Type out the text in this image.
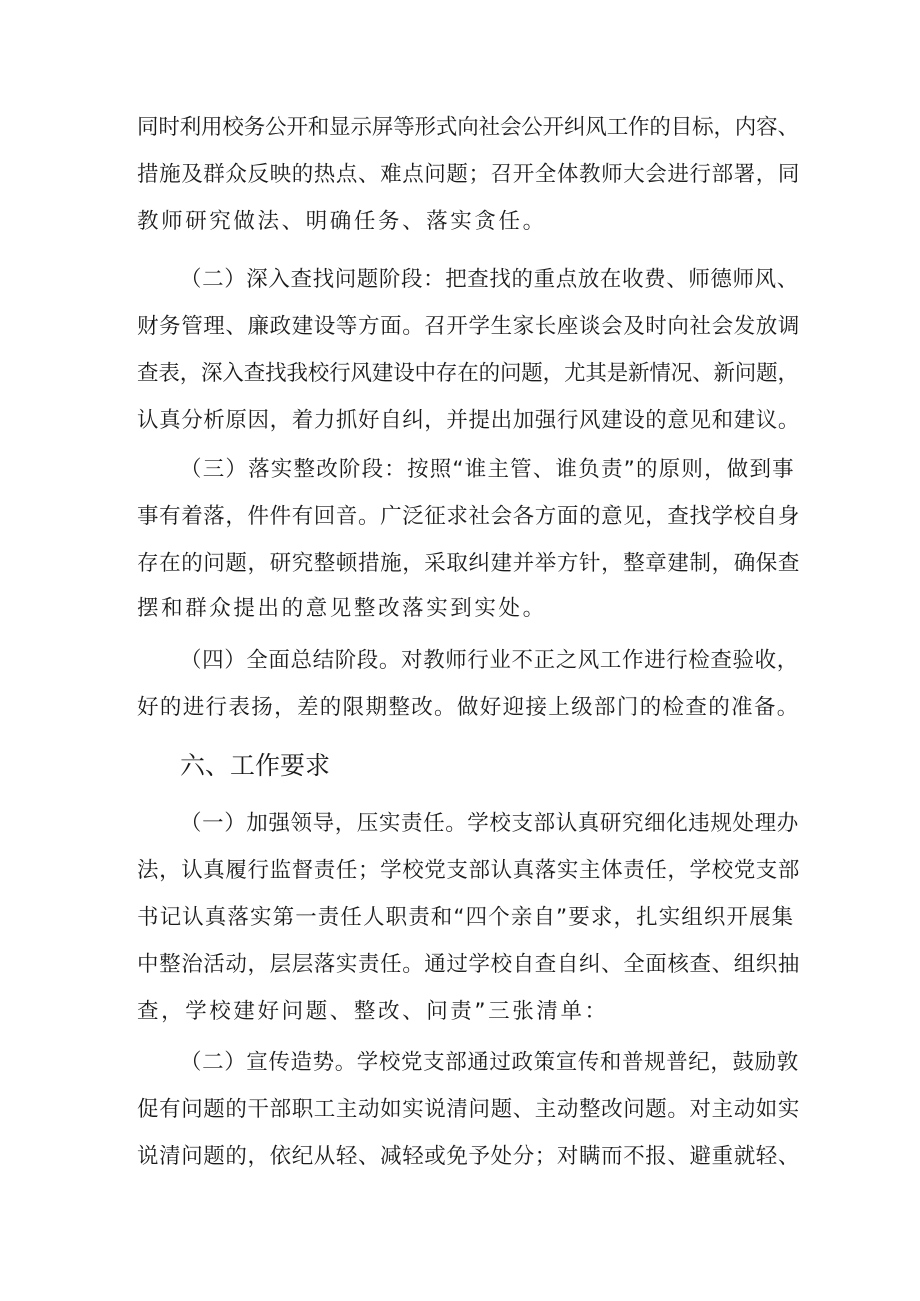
同时利用校务公开和显示屏等形式向社会公开纠风工作的目标，内容、
措施及群众反映的热点、难点问题；召开全体教师大会进行部署，同
教师研究做法、明确任务、落实贪任。
（二）深入查找问题阶段：把查找的重点放在收费、师德师风、
财务管理、廉政建设等方面。召开学生家长座谈会及时向社会发放调
查表，深入查找我校行风建设中存在的问题，尤其是新情况、新问题，
认真分析原因，着力抓好自纠，并提出加强行风建设的意见和建议。
（三）落实整改阶段：按照“谁主管、谁负责”的原则，做到事
事有着落，件件有回音。广泛征求社会各方面的意见，查找学校自身
存在的问题，研究整顿措施，采取纠建并举方针，整章建制，确保查
摆和群众提出的意见整改落实到实处。
（四）全面总结阶段。对教师行业不正之风工作进行检查验收，
好的进行表扬，差的限期整改。做好迎接上级部门的检查的准备。
六、工作要求
（一）加强领导，压实责任。学校支部认真研究细化违规处理办
法，认真履行监督责任；学校党支部认真落实主体责任，学校党支部
书记认真落实第一责任人职责和“四个亲自”要求，扎实组织开展集
中整治活动，层层落实责任。通过学校自查自纠、全面核查、组织抽
查，学校建好问题、整改、问责”三张清单：
（二）宣传造势。学校党支部通过政策宣传和普规普纪，鼓励敦
促有问题的干部职工主动如实说清问题、主动整改问题。对主动如实
说清问题的，依纪从轻、减轻或免予处分；对瞒而不报、避重就轻、
